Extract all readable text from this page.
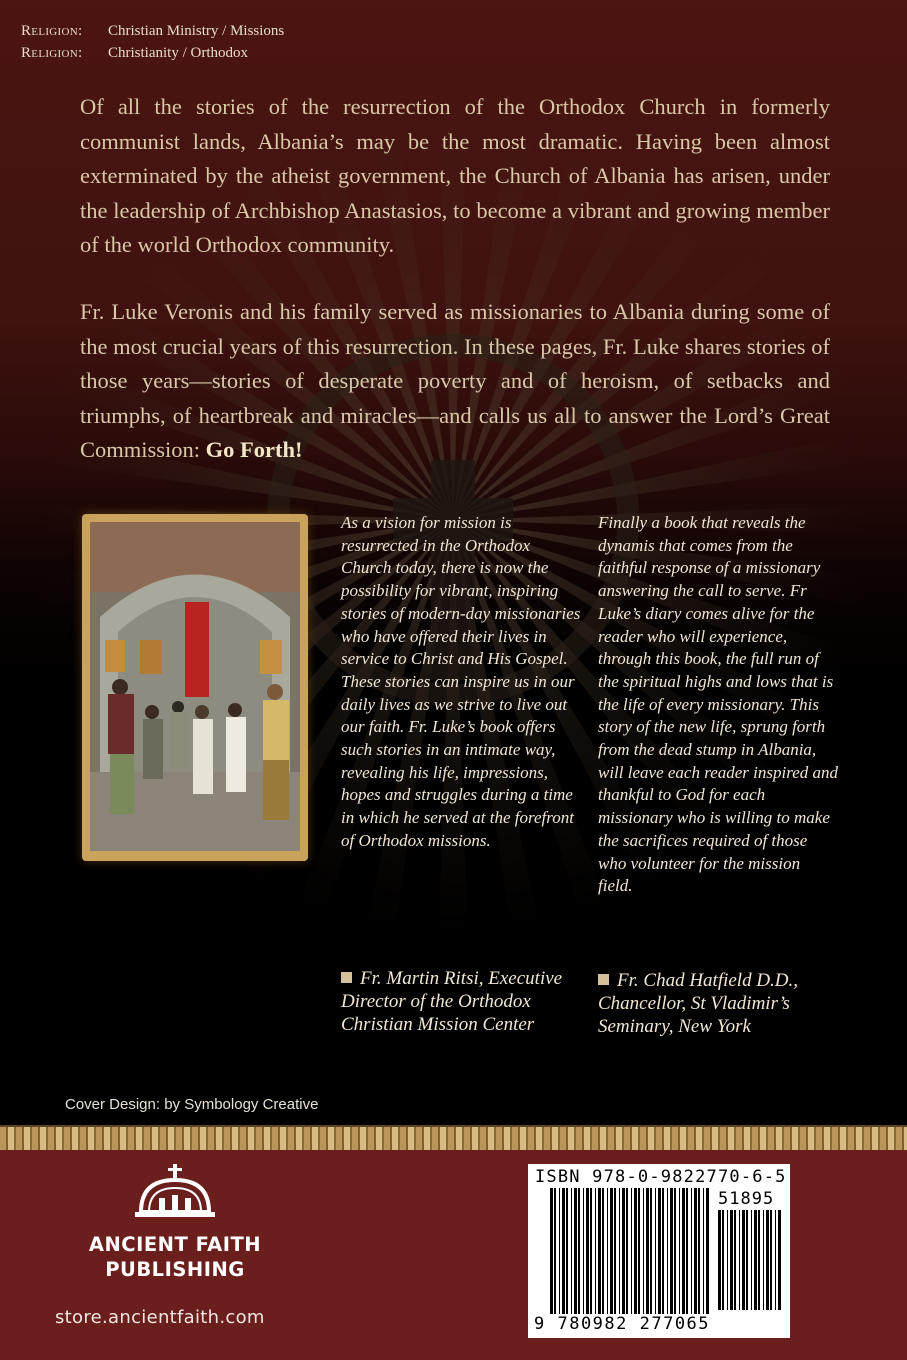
Religion: Christian Ministry / Missions
Religion: Christianity / Orthodox
Of all the stories of the resurrection of the Orthodox Church in formerly communist lands, Albania’s may be the most dramatic. Having been almost exterminated by the atheist government, the Church of Albania has arisen, under the leadership of Archbishop Anastasios, to become a vibrant and growing member of the world Orthodox community.
Fr. Luke Veronis and his family served as missionaries to Albania during some of the most crucial years of this resurrection. In these pages, Fr. Luke shares stories of those years—stories of desperate poverty and of heroism, of setbacks and triumphs, of heartbreak and miracles—and calls us all to answer the Lord’s Great Commission: Go Forth!
As a vision for mission is resurrected in the Orthodox Church today, there is now the possibility for vibrant, inspiring stories of modern-day missionaries who have offered their lives in service to Christ and His Gospel. These stories can inspire us in our daily lives as we strive to live out our faith. Fr. Luke’s book offers such stories in an intimate way, revealing his life, impressions, hopes and struggles during a time in which he served at the forefront of Orthodox missions.
Fr. Martin Ritsi, Executive Director of the Orthodox Christian Mission Center
Finally a book that reveals the dynamis that comes from the faithful response of a missionary answering the call to serve. Fr Luke’s diary comes alive for the reader who will experience, through this book, the full run of the spiritual highs and lows that is the life of every missionary. This story of the new life, sprung forth from the dead stump in Albania, will leave each reader inspired and thankful to God for each missionary who is willing to make the sacrifices required of those who volunteer for the mission field.
Fr. Chad Hatfield D.D., Chancellor, St Vladimir’s Seminary, New York
Cover Design: by Symbology Creative
ANCIENT FAITH
PUBLISHING
store.ancientfaith.com
ISBN 978-0-9822770-6-5
51895
9 780982 277065
